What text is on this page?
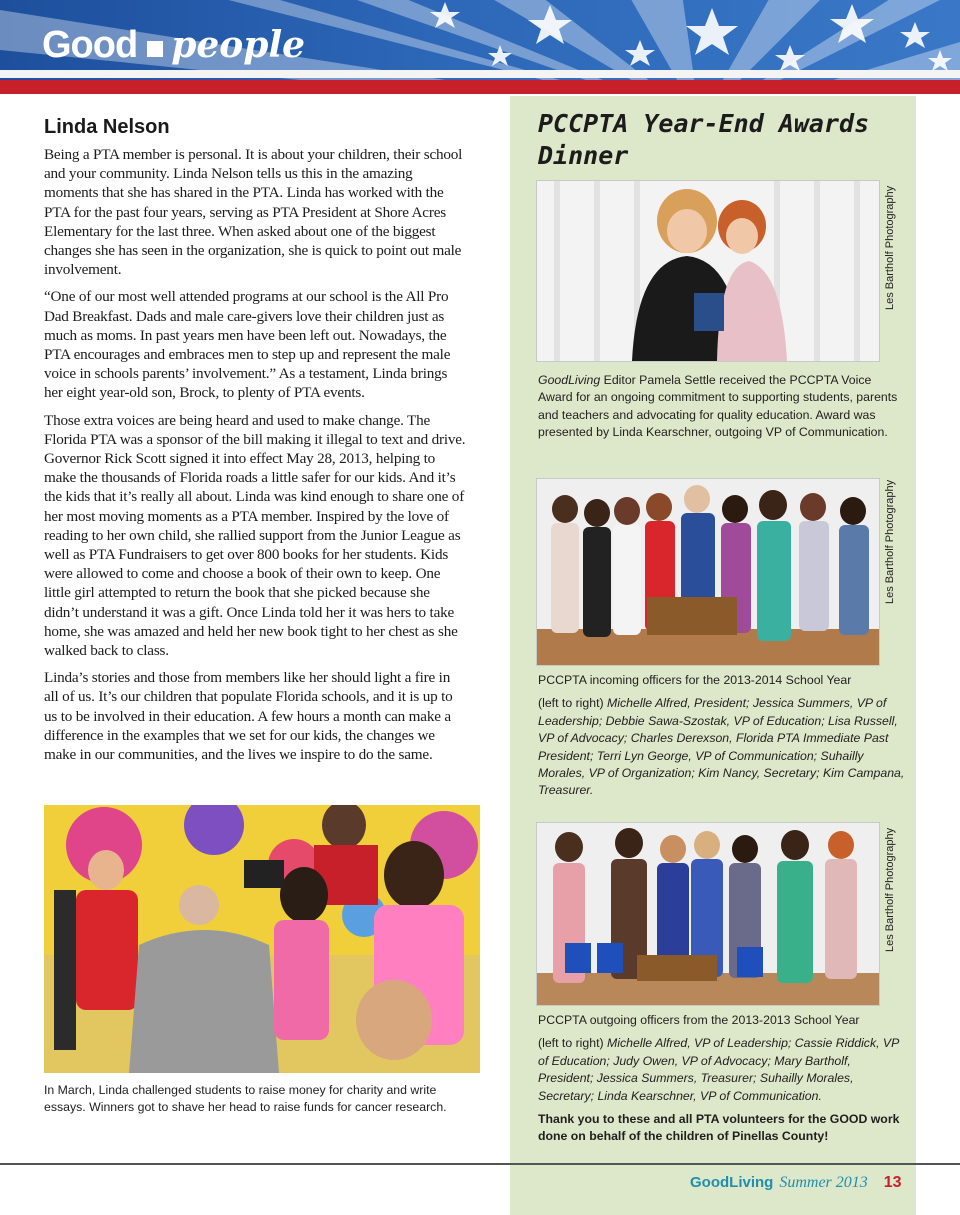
Good people
Linda Nelson

Being a PTA member is personal. It is about your children, their school and your community. Linda Nelson tells us this in the amazing moments that she has shared in the PTA. Linda has worked with the PTA for the past four years, serving as PTA President at Shore Acres Elementary for the last three. When asked about one of the biggest changes she has seen in the organization, she is quick to point out male involvement.

“One of our most well attended programs at our school is the All Pro Dad Breakfast. Dads and male care-givers love their children just as much as moms. In past years men have been left out. Nowadays, the PTA encourages and embraces men to step up and represent the male voice in schools parents’ involvement.” As a testament, Linda brings her eight year-old son, Brock, to plenty of PTA events.

Those extra voices are being heard and used to make change. The Florida PTA was a sponsor of the bill making it illegal to text and drive. Governor Rick Scott signed it into effect May 28, 2013, helping to make the thousands of Florida roads a little safer for our kids. And it’s the kids that it’s really all about. Linda was kind enough to share one of her most moving moments as a PTA member. Inspired by the love of reading to her own child, she rallied support from the Junior League as well as PTA Fundraisers to get over 800 books for her students. Kids were allowed to come and choose a book of their own to keep. One little girl attempted to return the book that she picked because she didn’t understand it was a gift. Once Linda told her it was hers to take home, she was amazed and held her new book tight to her chest as she walked back to class.

Linda’s stories and those from members like her should light a fire in all of us. It’s our children that populate Florida schools, and it is up to us to be involved in their education. A few hours a month can make a difference in the examples that we set for our kids, the changes we make in our communities, and the lives we inspire to do the same.

In March, Linda challenged students to raise money for charity and write essays. Winners got to shave her head to raise funds for cancer research.
PCCPTA Year-End Awards Dinner
Les Bartholf Photography
GoodLiving Editor Pamela Settle received the PCCPTA Voice Award for an ongoing commitment to supporting students, parents and teachers and advocating for quality education. Award was presented by Linda Kearschner, outgoing VP of Communication.
Les Bartholf Photography
PCCPTA incoming officers for the 2013-2014 School Year
(left to right) Michelle Alfred, President; Jessica Summers, VP of Leadership; Debbie Sawa-Szostak, VP of Education; Lisa Russell, VP of Advocacy; Charles Derexson, Florida PTA Immediate Past President; Terri Lyn George, VP of Communication; Suhailly Morales, VP of Organization; Kim Nancy, Secretary; Kim Campana, Treasurer.
Les Bartholf Photography
PCCPTA outgoing officers from the 2013-2013 School Year
(left to right) Michelle Alfred, VP of Leadership; Cassie Riddick, VP of Education; Judy Owen, VP of Advocacy; Mary Bartholf, President; Jessica Summers, Treasurer; Suhailly Morales, Secretary; Linda Kearschner, VP of Communication.
Thank you to these and all PTA volunteers for the GOOD work done on behalf of the children of Pinellas County!
GoodLiving Summer 2013 13
